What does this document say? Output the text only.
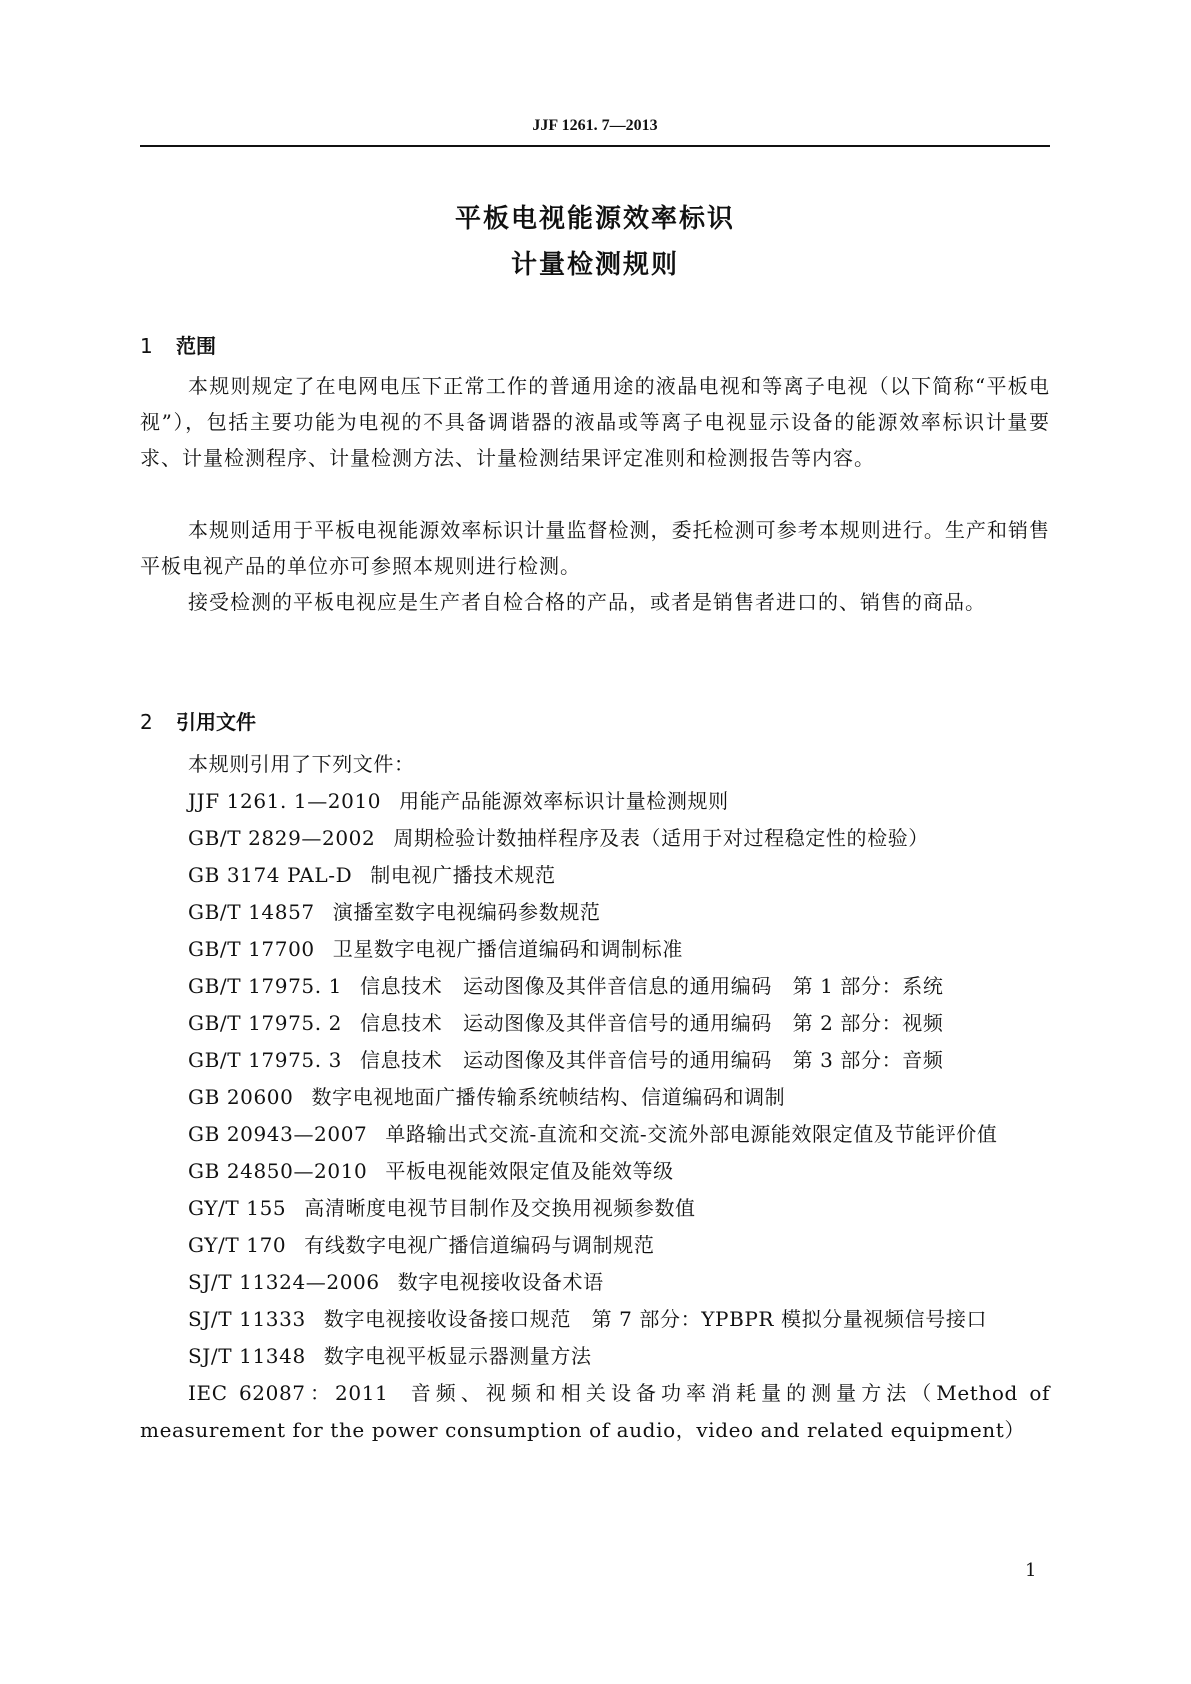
JJF 1261. 7—2013
平板电视能源效率标识
计量检测规则
1 范围
本规则规定了在电网电压下正常工作的普通用途的液晶电视和等离子电视（以下简称“平板电视”），包括主要功能为电视的不具备调谐器的液晶或等离子电视显示设备的能源效率标识计量要求、计量检测程序、计量检测方法、计量检测结果评定准则和检测报告等内容。
本规则适用于平板电视能源效率标识计量监督检测，委托检测可参考本规则进行。生产和销售平板电视产品的单位亦可参照本规则进行检测。
接受检测的平板电视应是生产者自检合格的产品，或者是销售者进口的、销售的商品。
2 引用文件
本规则引用了下列文件：
JJF 1261. 1—2010 用能产品能源效率标识计量检测规则
GB/T 2829—2002 周期检验计数抽样程序及表（适用于对过程稳定性的检验）
GB 3174 PAL-D 制电视广播技术规范
GB/T 14857 演播室数字电视编码参数规范
GB/T 17700 卫星数字电视广播信道编码和调制标准
GB/T 17975. 1 信息技术　运动图像及其伴音信息的通用编码　第 1 部分：系统
GB/T 17975. 2 信息技术　运动图像及其伴音信号的通用编码　第 2 部分：视频
GB/T 17975. 3 信息技术　运动图像及其伴音信号的通用编码　第 3 部分：音频
GB 20600 数字电视地面广播传输系统帧结构、信道编码和调制
GB 20943—2007 单路输出式交流-直流和交流-交流外部电源能效限定值及节能评价值
GB 24850—2010 平板电视能效限定值及能效等级
GY/T 155 高清晰度电视节目制作及交换用视频参数值
GY/T 170 有线数字电视广播信道编码与调制规范
SJ/T 11324—2006 数字电视接收设备术语
SJ/T 11333 数字电视接收设备接口规范　第 7 部分：YPBPR 模拟分量视频信号接口
SJ/T 11348 数字电视平板显示器测量方法
IEC 62087：2011 音频、视频和相关设备功率消耗量的测量方法（Method of measurement for the power consumption of audio，video and related equipment）
1
